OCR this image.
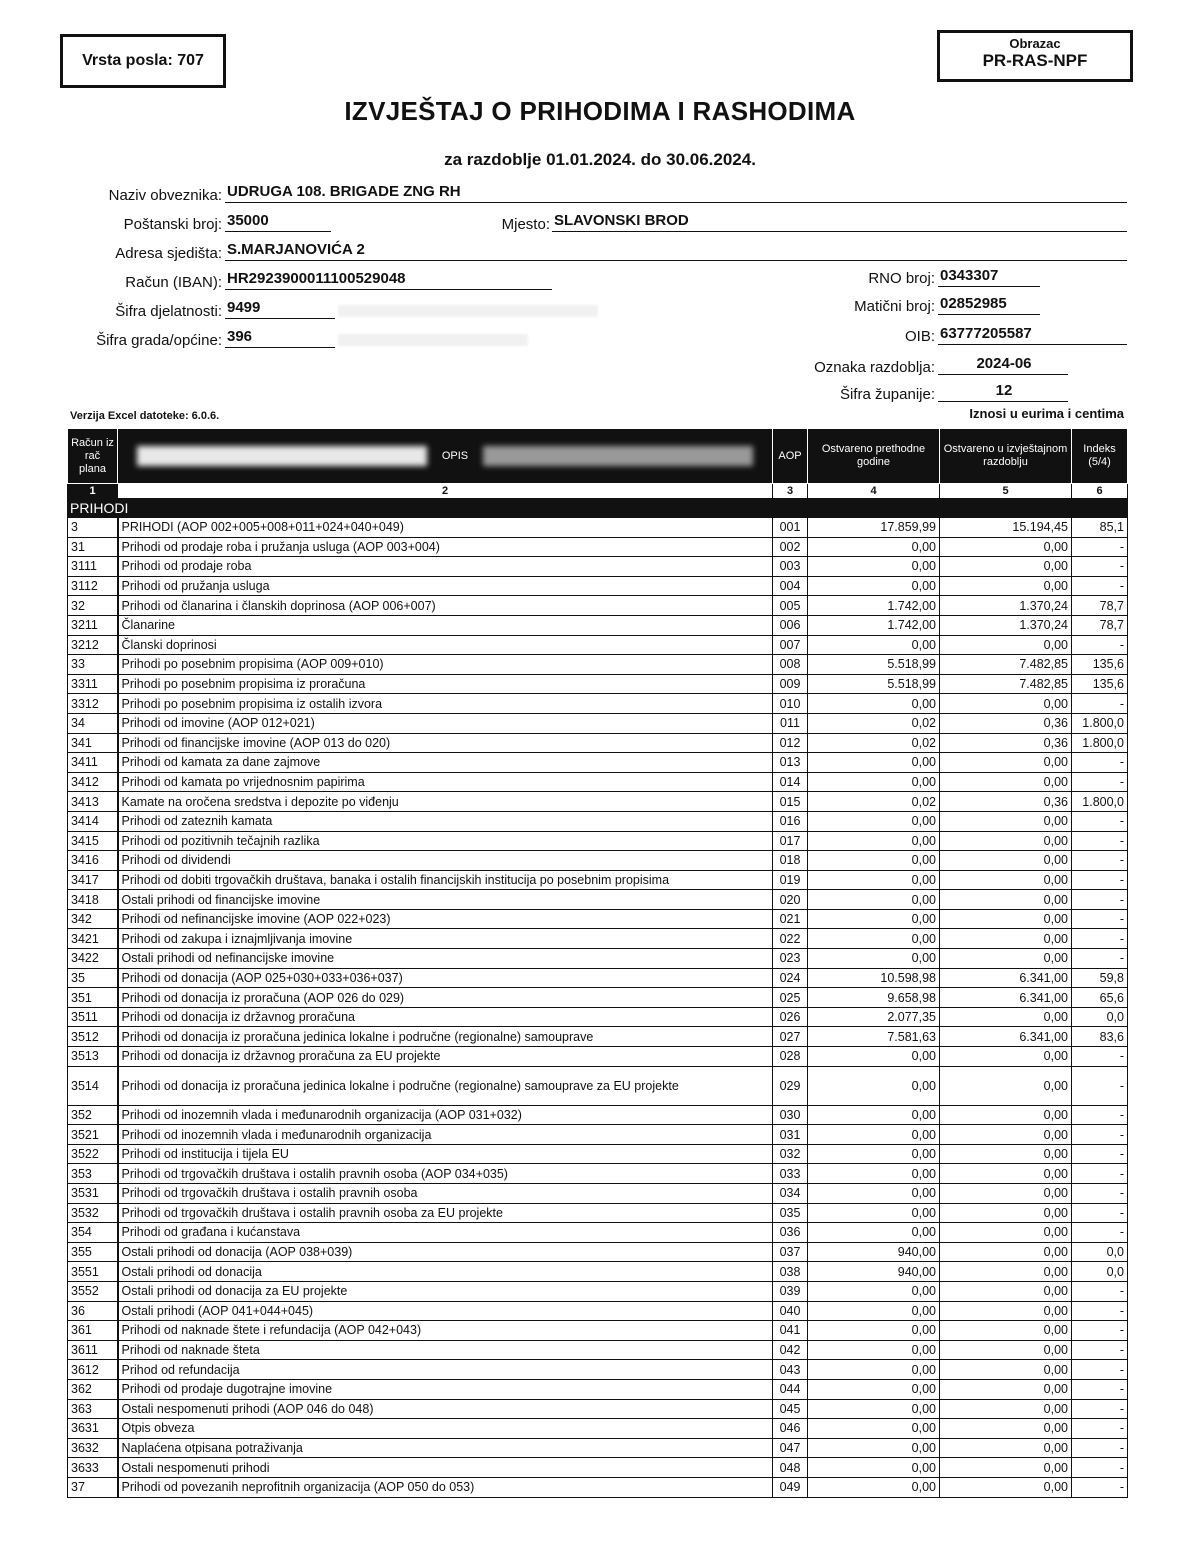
Vrsta posla: 707
Obrazac
PR-RAS-NPF
IZVJEŠTAJ O PRIHODIMA I RASHODIMA
za razdoblje 01.01.2024. do 30.06.2024.
Naziv obveznika: UDRUGA 108. BRIGADE ZNG RH
Poštanski broj: 35000	Mjesto: SLAVONSKI BROD
Adresa sjedišta: S.MARJANOVIĆA 2
Račun (IBAN): HR2923900011100529048	RNO broj: 0343307
Šifra djelatnosti: 9499	Matični broj: 02852985
Šifra grada/općine: 396	OIB: 63777205587
Oznaka razdoblja:	2024-06
Šifra županije:	12
Verzija Excel datoteke: 6.0.6.	Iznosi u eurima i centima
Račun iz rač plana	OPIS	AOP	Ostvareno prethodne godine	Ostvareno u izvještajnom razdoblju	Indeks (5/4)
1	2	3	4	5	6
PRIHODI					
3	PRIHODI (AOP 002+005+008+011+024+040+049)	001	17.859,99	15.194,45	85,1
31	Prihodi od prodaje roba i pružanja usluga (AOP 003+004)	002	0,00	0,00	-
3111	Prihodi od prodaje roba	003	0,00	0,00	-
3112	Prihodi od pružanja usluga	004	0,00	0,00	-
32	Prihodi od članarina i članskih doprinosa (AOP 006+007)	005	1.742,00	1.370,24	78,7
3211	Članarine	006	1.742,00	1.370,24	78,7
3212	Članski doprinosi	007	0,00	0,00	-
33	Prihodi po posebnim propisima (AOP 009+010)	008	5.518,99	7.482,85	135,6
3311	Prihodi po posebnim propisima iz proračuna	009	5.518,99	7.482,85	135,6
3312	Prihodi po posebnim propisima iz ostalih izvora	010	0,00	0,00	-
34	Prihodi od imovine (AOP 012+021)	011	0,02	0,36	1.800,0
341	Prihodi od financijske imovine (AOP 013 do 020)	012	0,02	0,36	1.800,0
3411	Prihodi od kamata za dane zajmove	013	0,00	0,00	-
3412	Prihodi od kamata po vrijednosnim papirima	014	0,00	0,00	-
3413	Kamate na oročena sredstva i depozite po viđenju	015	0,02	0,36	1.800,0
3414	Prihodi od zateznih kamata	016	0,00	0,00	-
3415	Prihodi od pozitivnih tečajnih razlika	017	0,00	0,00	-
3416	Prihodi od dividendi	018	0,00	0,00	-
3417	Prihodi od dobiti trgovačkih društava, banaka i ostalih financijskih institucija po posebnim propisima	019	0,00	0,00	-
3418	Ostali prihodi od financijske imovine	020	0,00	0,00	-
342	Prihodi od nefinancijske imovine (AOP 022+023)	021	0,00	0,00	-
3421	Prihodi od zakupa i iznajmljivanja imovine	022	0,00	0,00	-
3422	Ostali prihodi od nefinancijske imovine	023	0,00	0,00	-
35	Prihodi od donacija (AOP 025+030+033+036+037)	024	10.598,98	6.341,00	59,8
351	Prihodi od donacija iz proračuna (AOP 026 do 029)	025	9.658,98	6.341,00	65,6
3511	Prihodi od donacija iz državnog proračuna	026	2.077,35	0,00	0,0
3512	Prihodi od donacija iz proračuna jedinica lokalne i područne (regionalne) samouprave	027	7.581,63	6.341,00	83,6
3513	Prihodi od donacija iz državnog proračuna za EU projekte	028	0,00	0,00	-
3514	Prihodi od donacija iz proračuna jedinica lokalne i područne (regionalne) samouprave za EU projekte	029	0,00	0,00	-
352	Prihodi od inozemnih vlada i međunarodnih organizacija (AOP 031+032)	030	0,00	0,00	-
3521	Prihodi od inozemnih vlada i međunarodnih organizacija	031	0,00	0,00	-
3522	Prihodi od institucija i tijela EU	032	0,00	0,00	-
353	Prihodi od trgovačkih društava i ostalih pravnih osoba (AOP 034+035)	033	0,00	0,00	-
3531	Prihodi od trgovačkih društava i ostalih pravnih osoba	034	0,00	0,00	-
3532	Prihodi od trgovačkih društava i ostalih pravnih osoba za EU projekte	035	0,00	0,00	-
354	Prihodi od građana i kućanstava	036	0,00	0,00	-
355	Ostali prihodi od donacija (AOP 038+039)	037	940,00	0,00	0,0
3551	Ostali prihodi od donacija	038	940,00	0,00	0,0
3552	Ostali prihodi od donacija za EU projekte	039	0,00	0,00	-
36	Ostali prihodi (AOP 041+044+045)	040	0,00	0,00	-
361	Prihodi od naknade štete i refundacija (AOP 042+043)	041	0,00	0,00	-
3611	Prihodi od naknade šteta	042	0,00	0,00	-
3612	Prihod od refundacija	043	0,00	0,00	-
362	Prihodi od prodaje dugotrajne imovine	044	0,00	0,00	-
363	Ostali nespomenuti prihodi (AOP 046 do 048)	045	0,00	0,00	-
3631	Otpis obveza	046	0,00	0,00	-
3632	Naplaćena otpisana potraživanja	047	0,00	0,00	-
3633	Ostali nespomenuti prihodi	048	0,00	0,00	-
37	Prihodi od povezanih neprofitnih organizacija (AOP 050 do 053)	049	0,00	0,00	-
